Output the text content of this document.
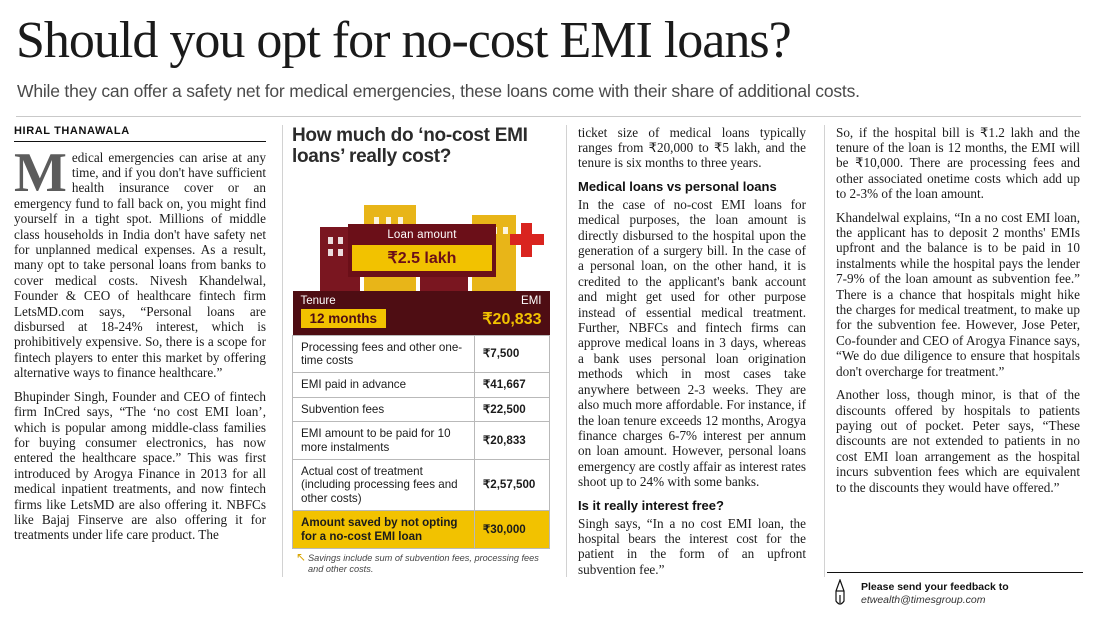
Should you opt for no-cost EMI loans?
While they can offer a safety net for medical emergencies, these loans come with their share of additional costs.
HIRAL THANAWALA

Medical emergencies can arise at any time, and if you don't have sufficient health insurance cover or an emergency fund to fall back on, you might find yourself in a tight spot. Millions of middle class households in India don't have safety net for unplanned medical expenses. As a result, many opt to take personal loans from banks to cover medical costs. Nivesh Khandelwal, Founder & CEO of healthcare fintech firm LetsMD.com says, “Personal loans are disbursed at 18-24% interest, which is prohibitively expensive. So, there is a scope for fintech players to enter this market by offering alternative ways to finance healthcare.”

Bhupinder Singh, Founder and CEO of fintech firm InCred says, “The ‘no cost EMI loan’, which is popular among middle-class families for buying consumer electronics, has now entered the healthcare space.” This was first introduced by Arogya Finance in 2013 for all medical inpatient treatments, and now fintech firms like LetsMD are also offering it. NBFCs like Bajaj Finserve are also offering it for treatments under life care product. The

How much do ‘no-cost EMI loans’ really cost?
Loan amount
₹2.5 lakh
Tenure	EMI
12 months	₹20,833

Processing fees and other one-time costs	₹7,500
EMI paid in advance	₹41,667
Subvention fees	₹22,500
EMI amount to be paid for 10 more instalments	₹20,833
Actual cost of treatment (including processing fees and other costs)	₹2,57,500
Amount saved by not opting for a no-cost EMI loan	₹30,000
↖ Savings include sum of subvention fees, processing fees and other costs.

ticket size of medical loans typically ranges from ₹20,000 to ₹5 lakh, and the tenure is six months to three years.

Medical loans vs personal loans

In the case of no-cost EMI loans for medical purposes, the loan amount is directly disbursed to the hospital upon the generation of a surgery bill. In the case of a personal loan, on the other hand, it is credited to the applicant's bank account and might get used for other purpose instead of essential medical treatment. Further, NBFCs and fintech firms can approve medical loans in 3 days, whereas a bank uses personal loan origination methods which in most cases take anywhere between 2-3 weeks. They are also much more affordable. For instance, if the loan tenure exceeds 12 months, Arogya finance charges 6-7% interest per annum on loan amount. However, personal loans emergency are costly affair as interest rates shoot up to 24% with some banks.

Is it really interest free?

Singh says, “In a no cost EMI loan, the hospital bears the interest cost for the patient in the form of an upfront subvention fee.”

So, if the hospital bill is ₹1.2 lakh and the tenure of the loan is 12 months, the EMI will be ₹10,000. There are processing fees and other associated onetime costs which add up to 2-3% of the loan amount.

Khandelwal explains, “In a no cost EMI loan, the applicant has to deposit 2 months' EMIs upfront and the balance is to be paid in 10 instalments while the hospital pays the lender 7-9% of the loan amount as subvention fee.” There is a chance that hospitals might hike the charges for medical treatment, to make up for the subvention fee. However, Jose Peter, Co-founder and CEO of Arogya Finance says, “We do due diligence to ensure that hospitals don't overcharge for treatment.”

Another loss, though minor, is that of the discounts offered by hospitals to patients paying out of pocket. Peter says, “These discounts are not extended to patients in no cost EMI loan arrangement as the hospital incurs subvention fees which are equivalent to the discounts they would have offered.”

Please send your feedback to
etwealth@timesgroup.com
